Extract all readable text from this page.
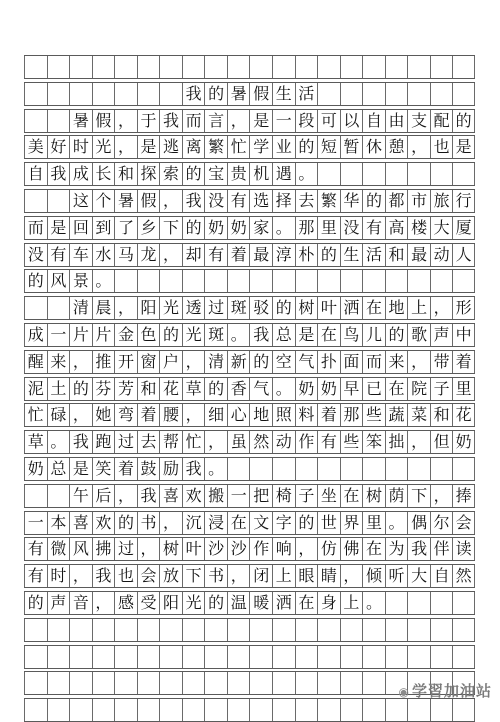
我 的 暑 假 生 活
暑 假 ， 于 我 而 言 ， 是 一 段 可 以 自 由 支 配 的
美 好 时 光 ， 是 逃 离 繁 忙 学 业 的 短 暂 休 憩 ， 也 是
自 我 成 长 和 探 索 的 宝 贵 机 遇 。
这 个 暑 假 ， 我 没 有 选 择 去 繁 华 的 都 市 旅 行
而 是 回 到 了 乡 下 的 奶 奶 家 。 那 里 没 有 高 楼 大 厦
没 有 车 水 马 龙 ， 却 有 着 最 淳 朴 的 生 活 和 最 动 人
的 风 景 。
清 晨 ， 阳 光 透 过 斑 驳 的 树 叶 洒 在 地 上 ， 形
成 一 片 片 金 色 的 光 斑 。 我 总 是 在 鸟 儿 的 歌 声 中
醒 来 ， 推 开 窗 户 ， 清 新 的 空 气 扑 面 而 来 ， 带 着
泥 土 的 芬 芳 和 花 草 的 香 气 。 奶 奶 早 已 在 院 子 里
忙 碌 ， 她 弯 着 腰 ， 细 心 地 照 料 着 那 些 蔬 菜 和 花
草 。 我 跑 过 去 帮 忙 ， 虽 然 动 作 有 些 笨 拙 ， 但 奶
奶 总 是 笑 着 鼓 励 我 。
午 后 ， 我 喜 欢 搬 一 把 椅 子 坐 在 树 荫 下 ， 捧
一 本 喜 欢 的 书 ， 沉 浸 在 文 字 的 世 界 里 。 偶 尔 会
有 微 风 拂 过 ， 树 叶 沙 沙 作 响 ， 仿 佛 在 为 我 伴 读
有 时 ， 我 也 会 放 下 书 ， 闭 上 眼 睛 ， 倾 听 大 自 然
的 声 音 ， 感 受 阳 光 的 温 暖 洒 在 身 上 。
◉ 学習加油站
